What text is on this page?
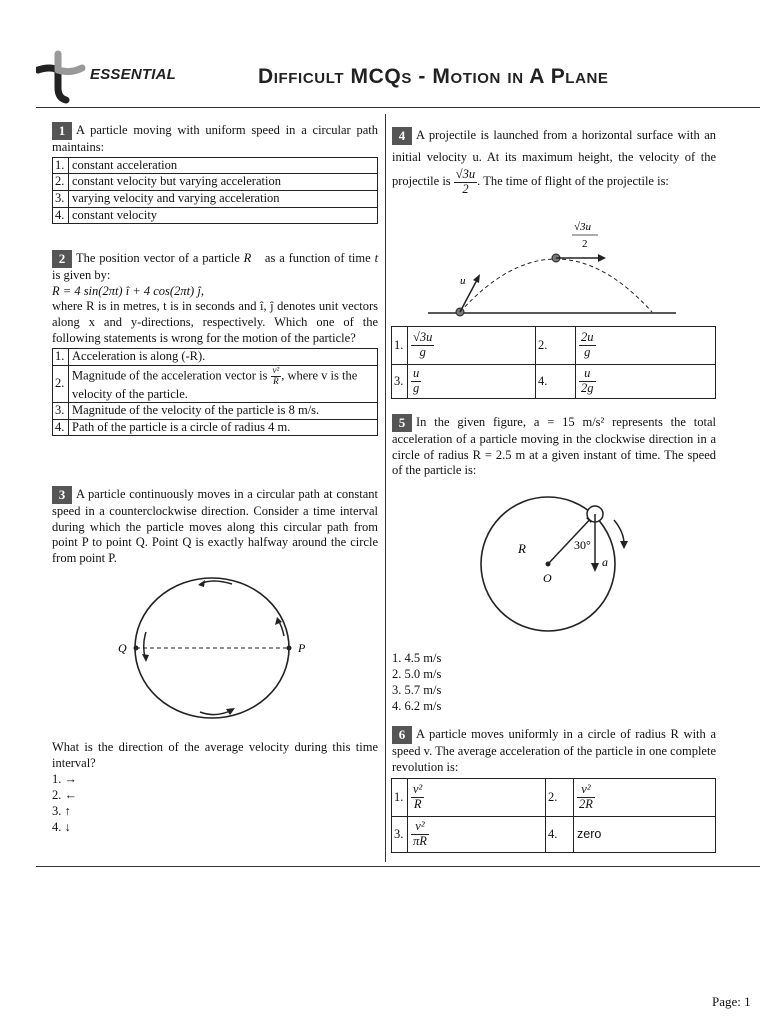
ESSENTIAL	Difficult MCQs - Motion in A Plane
1 A particle moving with uniform speed in a circular path maintains:
1.	constant acceleration
2.	constant velocity but varying acceleration
3.	varying velocity and varying acceleration
4.	constant velocity
2 The position vector of a particle R⃗ as a function of time t is given by:
R = 4 sin(2πt) î + 4 cos(2πt) ĵ,
where R is in metres, t is in seconds and î, ĵ denotes unit vectors along x and y-directions, respectively. Which one of the following statements is wrong for the motion of the particle?
1.	Acceleration is along (-R).
2.	Magnitude of the acceleration vector is $\frac{\text{v²}}{R}$ , where v is the velocity of the particle.
3.	Magnitude of the velocity of the particle is 8 m/s.
4.	Path of the particle is a circle of radius 4 m.
3 A particle continuously moves in a circular path at constant speed in a counterclockwise direction. Consider a time interval during which the particle moves along this circular path from point P to point Q. Point Q is exactly halfway around the circle from point P.
Q	P
What is the direction of the average velocity during this time interval?
1. →
2. ←
3. ↑
4. ↓
4 A projectile is launched from a horizontal surface with an initial velocity u. At its maximum height, the velocity of the projectile is $\frac{√3u}{2}$ . The time of flight of the projectile is:
u
√3u
2
1.	$\frac{√3u}{g}$	2.	$\frac{2u}{g}$

3.	$\frac{u}{g}$	4.	$\frac{u}{2g}$
5 In the given figure, a = 15 m/s² represents the total acceleration of a particle moving in the clockwise direction in a circle of radius R = 2.5 m at a given instant of time. The speed of the particle is:
R
O
30°
a
1. 4.5 m/s
2. 5.0 m/s
3. 5.7 m/s
4. 6.2 m/s
6 A particle moves uniformly in a circle of radius R with a speed v. The average acceleration of the particle in one complete revolution is:
1.	$\frac{\text{v²}}{R}$	2.	$\frac{\text{v²}}{2R}$

3.	$\frac{\text{v²}}{\pi R}$	4.	zero
Page: 1
